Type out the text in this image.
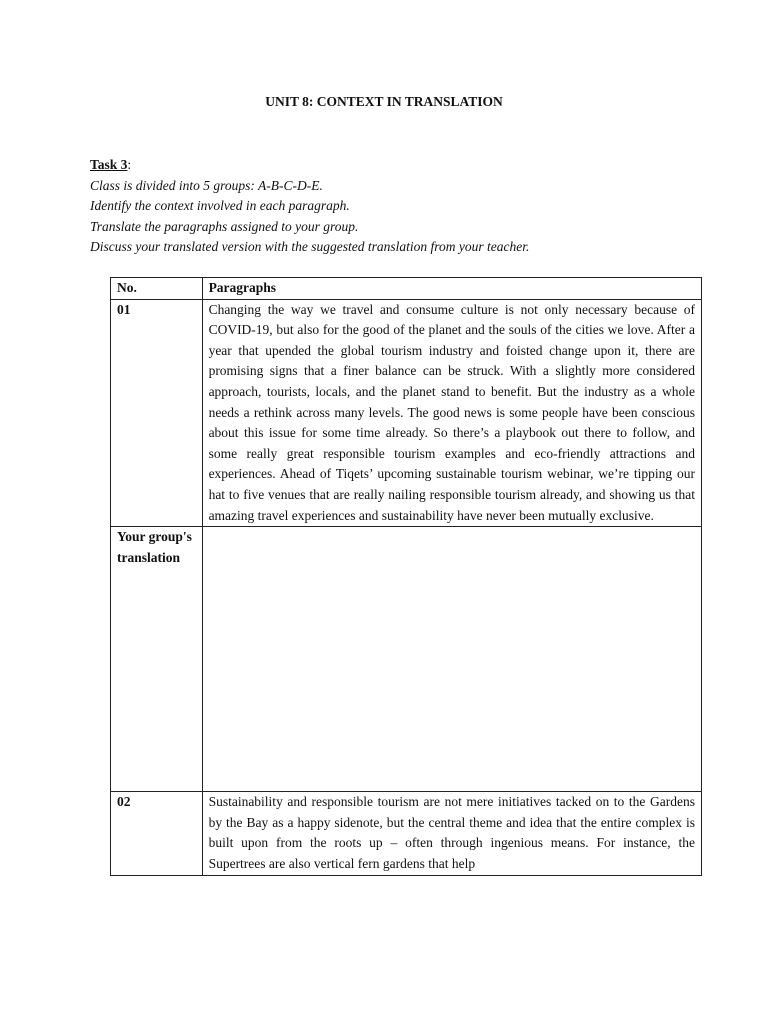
UNIT 8: CONTEXT IN TRANSLATION

Task 3:

Class is divided into 5 groups: A-B-C-D-E.

Identify the context involved in each paragraph.

Translate the paragraphs assigned to your group.

Discuss your translated version with the suggested translation from your teacher.

No.	Paragraphs
01	Changing the way we travel and consume culture is not only necessary because of COVID-19, but also for the good of the planet and the souls of the cities we love. After a year that upended the global tourism industry and foisted change upon it, there are promising signs that a finer balance can be struck. With a slightly more considered approach, tourists, locals, and the planet stand to benefit. But the industry as a whole needs a rethink across many levels. The good news is some people have been conscious about this issue for some time already. So there’s a playbook out there to follow, and some really great responsible tourism examples and eco-friendly attractions and experiences. Ahead of Tiqets’ upcoming sustainable tourism webinar, we’re tipping our hat to five venues that are really nailing responsible tourism already, and showing us that amazing travel experiences and sustainability have never been mutually exclusive.

Your group's translation	
02	Sustainability and responsible tourism are not mere initiatives tacked on to the Gardens by the Bay as a happy sidenote, but the central theme and idea that the entire complex is built upon from the roots up – often through ingenious means. For instance, the Supertrees are also vertical fern gardens that help
